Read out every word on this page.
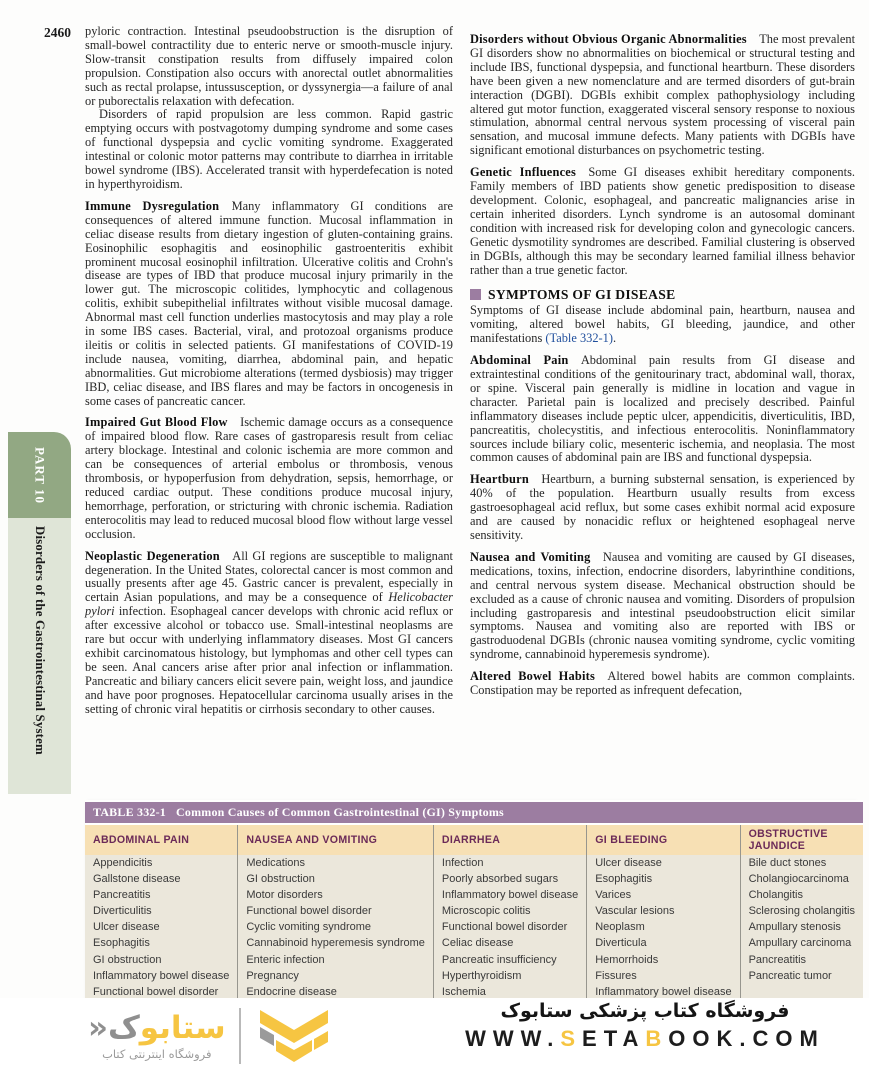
2460
PART 10
Disorders of the Gastrointestinal System

pyloric contraction. Intestinal pseudoobstruction is the disruption of small-bowel contractility due to enteric nerve or smooth-muscle injury. Slow-transit constipation results from diffusely impaired colon propulsion. Constipation also occurs with anorectal outlet abnormalities such as rectal prolapse, intussusception, or dyssynergia—a failure of anal or puborectalis relaxation with defecation.

Disorders of rapid propulsion are less common. Rapid gastric emptying occurs with postvagotomy dumping syndrome and some cases of functional dyspepsia and cyclic vomiting syndrome. Exaggerated intestinal or colonic motor patterns may contribute to diarrhea in irritable bowel syndrome (IBS). Accelerated transit with hyperdefecation is noted in hyperthyroidism.

Immune Dysregulation   Many inflammatory GI conditions are consequences of altered immune function. Mucosal inflammation in celiac disease results from dietary ingestion of gluten-containing grains. Eosinophilic esophagitis and eosinophilic gastroenteritis exhibit prominent mucosal eosinophil infiltration. Ulcerative colitis and Crohn's disease are types of IBD that produce mucosal injury primarily in the lower gut. The microscopic colitides, lymphocytic and collagenous colitis, exhibit subepithelial infiltrates without visible mucosal damage. Abnormal mast cell function underlies mastocytosis and may play a role in some IBS cases. Bacterial, viral, and protozoal organisms produce ileitis or colitis in selected patients. GI manifestations of COVID-19 include nausea, vomiting, diarrhea, abdominal pain, and hepatic abnormalities. Gut microbiome alterations (termed dysbiosis) may trigger IBD, celiac disease, and IBS flares and may be factors in oncogenesis in some cases of pancreatic cancer.

Impaired Gut Blood Flow   Ischemic damage occurs as a consequence of impaired blood flow. Rare cases of gastroparesis result from celiac artery blockage. Intestinal and colonic ischemia are more common and can be consequences of arterial embolus or thrombosis, venous thrombosis, or hypoperfusion from dehydration, sepsis, hemorrhage, or reduced cardiac output. These conditions produce mucosal injury, hemorrhage, perforation, or stricturing with chronic ischemia. Radiation enterocolitis may lead to reduced mucosal blood flow without large vessel occlusion.

Neoplastic Degeneration   All GI regions are susceptible to malignant degeneration. In the United States, colorectal cancer is most common and usually presents after age 45. Gastric cancer is prevalent, especially in certain Asian populations, and may be a consequence of Helicobacter pylori infection. Esophageal cancer develops with chronic acid reflux or after excessive alcohol or tobacco use. Small-intestinal neoplasms are rare but occur with underlying inflammatory diseases. Most GI cancers exhibit carcinomatous histology, but lymphomas and other cell types can be seen. Anal cancers arise after prior anal infection or inflammation. Pancreatic and biliary cancers elicit severe pain, weight loss, and jaundice and have poor prognoses. Hepatocellular carcinoma usually arises in the setting of chronic viral hepatitis or cirrhosis secondary to other causes.

Disorders without Obvious Organic Abnormalities   The most prevalent GI disorders show no abnormalities on biochemical or structural testing and include IBS, functional dyspepsia, and functional heartburn. These disorders have been given a new nomenclature and are termed disorders of gut-brain interaction (DGBI). DGBIs exhibit complex pathophysiology including altered gut motor function, exaggerated visceral sensory response to noxious stimulation, abnormal central nervous system processing of visceral pain sensation, and mucosal immune defects. Many patients with DGBIs have significant emotional disturbances on psychometric testing.

Genetic Influences   Some GI diseases exhibit hereditary components. Family members of IBD patients show genetic predisposition to disease development. Colonic, esophageal, and pancreatic malignancies arise in certain inherited disorders. Lynch syndrome is an autosomal dominant condition with increased risk for developing colon and gynecologic cancers. Genetic dysmotility syndromes are described. Familial clustering is observed in DGBIs, although this may be secondary learned familial illness behavior rather than a true genetic factor.

SYMPTOMS OF GI DISEASE

Symptoms of GI disease include abdominal pain, heartburn, nausea and vomiting, altered bowel habits, GI bleeding, jaundice, and other manifestations (Table 332-1).

Abdominal Pain   Abdominal pain results from GI disease and extraintestinal conditions of the genitourinary tract, abdominal wall, thorax, or spine. Visceral pain generally is midline in location and vague in character. Parietal pain is localized and precisely described. Painful inflammatory diseases include peptic ulcer, appendicitis, diverticulitis, IBD, pancreatitis, cholecystitis, and infectious enterocolitis. Noninflammatory sources include biliary colic, mesenteric ischemia, and neoplasia. The most common causes of abdominal pain are IBS and functional dyspepsia.

Heartburn   Heartburn, a burning substernal sensation, is experienced by 40% of the population. Heartburn usually results from excess gastroesophageal acid reflux, but some cases exhibit normal acid exposure and are caused by nonacidic reflux or heightened esophageal nerve sensitivity.

Nausea and Vomiting   Nausea and vomiting are caused by GI diseases, medications, toxins, infection, endocrine disorders, labyrinthine conditions, and central nervous system disease. Mechanical obstruction should be excluded as a cause of chronic nausea and vomiting. Disorders of propulsion including gastroparesis and intestinal pseudoobstruction elicit similar symptoms. Nausea and vomiting also are reported with IBS or gastroduodenal DGBIs (chronic nausea vomiting syndrome, cyclic vomiting syndrome, cannabinoid hyperemesis syndrome).

Altered Bowel Habits   Altered bowel habits are common complaints. Constipation may be reported as infrequent defecation,

TABLE 332-1 Common Causes of Common Gastrointestinal (GI) Symptoms				
ABDOMINAL PAIN	NAUSEA AND VOMITING	DIARRHEA	GI BLEEDING	OBSTRUCTIVE JAUNDICE
Appendicitis	Medications	Infection	Ulcer disease	Bile duct stones
Gallstone disease	GI obstruction	Poorly absorbed sugars	Esophagitis	Cholangiocarcinoma
Pancreatitis	Motor disorders	Inflammatory bowel disease	Varices	Cholangitis
Diverticulitis	Functional bowel disorder	Microscopic colitis	Vascular lesions	Sclerosing cholangitis
Ulcer disease	Cyclic vomiting syndrome	Functional bowel disorder	Neoplasm	Ampullary stenosis
Esophagitis	Cannabinoid hyperemesis syndrome	Celiac disease	Diverticula	Ampullary carcinoma
GI obstruction	Enteric infection	Pancreatic insufficiency	Hemorrhoids	Pancreatitis
Inflammatory bowel disease	Pregnancy	Hyperthyroidism	Fissures	Pancreatic tumor
Functional bowel disorder	Endocrine disease	Ischemia	Inflammatory bowel disease	
ستابوک«
فروشگاه اینترنتی کتاب
فروشگاه کتاب پزشکی ستابوک
WWW.SETABOOK.COM
